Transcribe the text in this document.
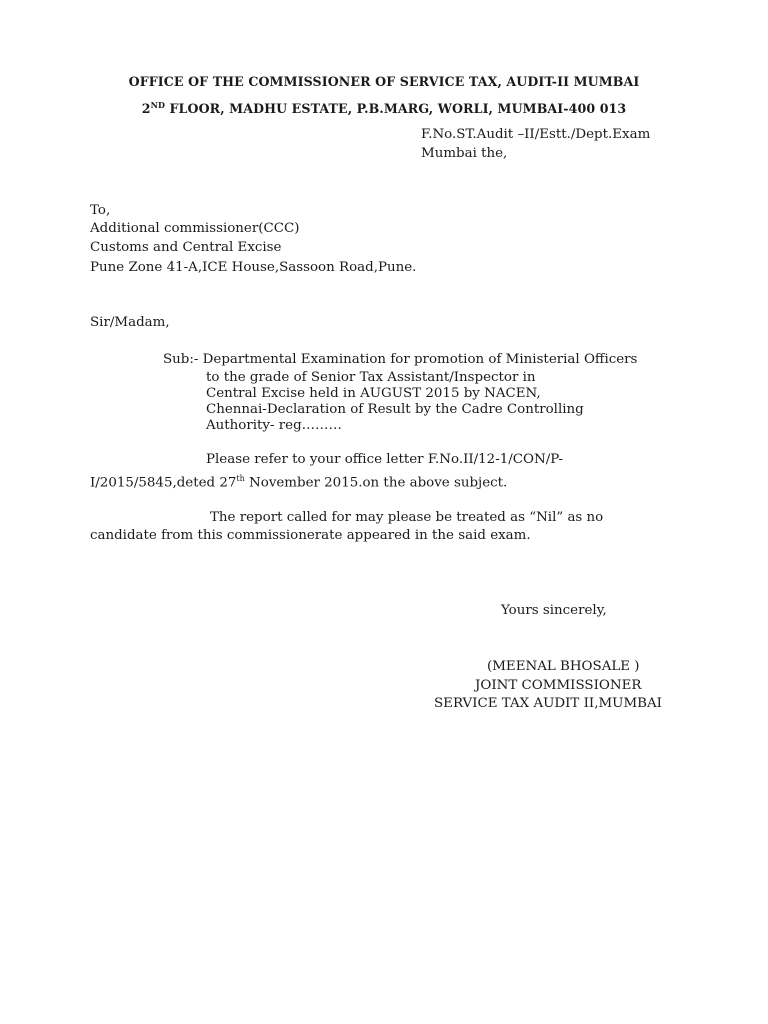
OFFICE OF THE COMMISSIONER OF SERVICE TAX, AUDIT-II MUMBAI
2ND FLOOR, MADHU ESTATE, P.B.MARG, WORLI, MUMBAI-400 013
F.No.ST.Audit –II/Estt./Dept.Exam
Mumbai the,
To,
Additional commissioner(CCC)
Customs and Central Excise
Pune Zone 41-A,ICE House,Sassoon Road,Pune.
Sir/Madam,
Sub:- Departmental Examination for promotion of Ministerial Officers
to the grade of Senior Tax Assistant/Inspector in
Central Excise held in AUGUST 2015 by NACEN,
Chennai-Declaration of Result by the Cadre Controlling
Authority- reg………
Please refer to your office letter F.No.II/12-1/CON/P-
I/2015/5845,deted 27th November 2015.on the above subject.
The report called for may please be treated as “Nil” as no
candidate from this commissionerate appeared in the said exam.
Yours sincerely,
(MEENAL BHOSALE )
JOINT COMMISSIONER
SERVICE TAX AUDIT II,MUMBAI
